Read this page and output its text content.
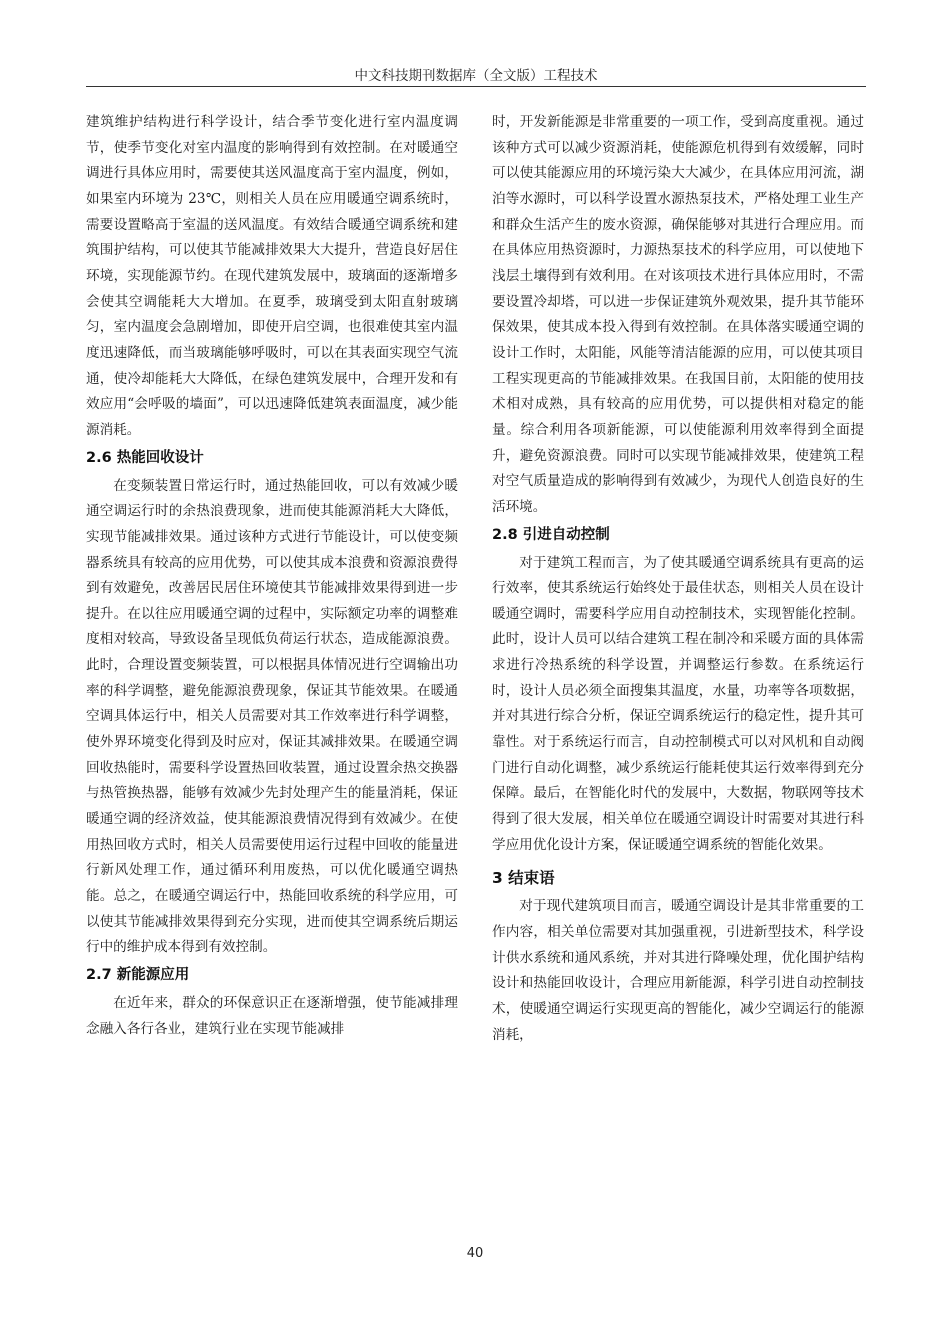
中文科技期刊数据库（全文版）工程技术

建筑维护结构进行科学设计，结合季节变化进行室内温度调节，使季节变化对室内温度的影响得到有效控制。在对暖通空调进行具体应用时，需要使其送风温度高于室内温度，例如，如果室内环境为 23℃，则相关人员在应用暖通空调系统时，需要设置略高于室温的送风温度。有效结合暖通空调系统和建筑围护结构，可以使其节能减排效果大大提升，营造良好居住环境，实现能源节约。在现代建筑发展中，玻璃面的逐渐增多会使其空调能耗大大增加。在夏季，玻璃受到太阳直射玻璃匀，室内温度会急剧增加，即使开启空调，也很难使其室内温度迅速降低，而当玻璃能够呼吸时，可以在其表面实现空气流通，使冷却能耗大大降低，在绿色建筑发展中，合理开发和有效应用“会呼吸的墙面”，可以迅速降低建筑表面温度，减少能源消耗。

2.6 热能回收设计

在变频装置日常运行时，通过热能回收，可以有效减少暖通空调运行时的余热浪费现象，进而使其能源消耗大大降低，实现节能减排效果。通过该种方式进行节能设计，可以使变频器系统具有较高的应用优势，可以使其成本浪费和资源浪费得到有效避免，改善居民居住环境使其节能减排效果得到进一步提升。在以往应用暖通空调的过程中，实际额定功率的调整难度相对较高，导致设备呈现低负荷运行状态，造成能源浪费。此时，合理设置变频装置，可以根据具体情况进行空调输出功率的科学调整，避免能源浪费现象，保证其节能效果。在暖通空调具体运行中，相关人员需要对其工作效率进行科学调整，使外界环境变化得到及时应对，保证其减排效果。在暖通空调回收热能时，需要科学设置热回收装置，通过设置余热交换器与热管换热器，能够有效减少先封处理产生的能量消耗，保证暖通空调的经济效益，使其能源浪费情况得到有效减少。在使用热回收方式时，相关人员需要使用运行过程中回收的能量进行新风处理工作，通过循环利用废热，可以优化暖通空调热能。总之，在暖通空调运行中，热能回收系统的科学应用，可以使其节能减排效果得到充分实现，进而使其空调系统后期运行中的维护成本得到有效控制。

2.7 新能源应用

在近年来，群众的环保意识正在逐渐增强，使节能减排理念融入各行各业，建筑行业在实现节能减排

时，开发新能源是非常重要的一项工作，受到高度重视。通过该种方式可以减少资源消耗，使能源危机得到有效缓解，同时可以使其能源应用的环境污染大大减少，在具体应用河流，湖泊等水源时，可以科学设置水源热泵技术，严格处理工业生产和群众生活产生的废水资源，确保能够对其进行合理应用。而在具体应用热资源时，力源热泵技术的科学应用，可以使地下浅层土壤得到有效利用。在对该项技术进行具体应用时，不需要设置冷却塔，可以进一步保证建筑外观效果，提升其节能环保效果，使其成本投入得到有效控制。在具体落实暖通空调的设计工作时，太阳能，风能等清洁能源的应用，可以使其项目工程实现更高的节能减排效果。在我国目前，太阳能的使用技术相对成熟，具有较高的应用优势，可以提供相对稳定的能量。综合利用各项新能源，可以使能源利用效率得到全面提升，避免资源浪费。同时可以实现节能减排效果，使建筑工程对空气质量造成的影响得到有效减少，为现代人创造良好的生活环境。

2.8 引进自动控制

对于建筑工程而言，为了使其暖通空调系统具有更高的运行效率，使其系统运行始终处于最佳状态，则相关人员在设计暖通空调时，需要科学应用自动控制技术，实现智能化控制。此时，设计人员可以结合建筑工程在制冷和采暖方面的具体需求进行冷热系统的科学设置，并调整运行参数。在系统运行时，设计人员必须全面搜集其温度，水量，功率等各项数据，并对其进行综合分析，保证空调系统运行的稳定性，提升其可靠性。对于系统运行而言，自动控制模式可以对风机和自动阀门进行自动化调整，减少系统运行能耗使其运行效率得到充分保障。最后，在智能化时代的发展中，大数据，物联网等技术得到了很大发展，相关单位在暖通空调设计时需要对其进行科学应用优化设计方案，保证暖通空调系统的智能化效果。

3 结束语

对于现代建筑项目而言，暖通空调设计是其非常重要的工作内容，相关单位需要对其加强重视，引进新型技术，科学设计供水系统和通风系统，并对其进行降噪处理，优化围护结构设计和热能回收设计，合理应用新能源，科学引进自动控制技术，使暖通空调运行实现更高的智能化，减少空调运行的能源消耗，

40
